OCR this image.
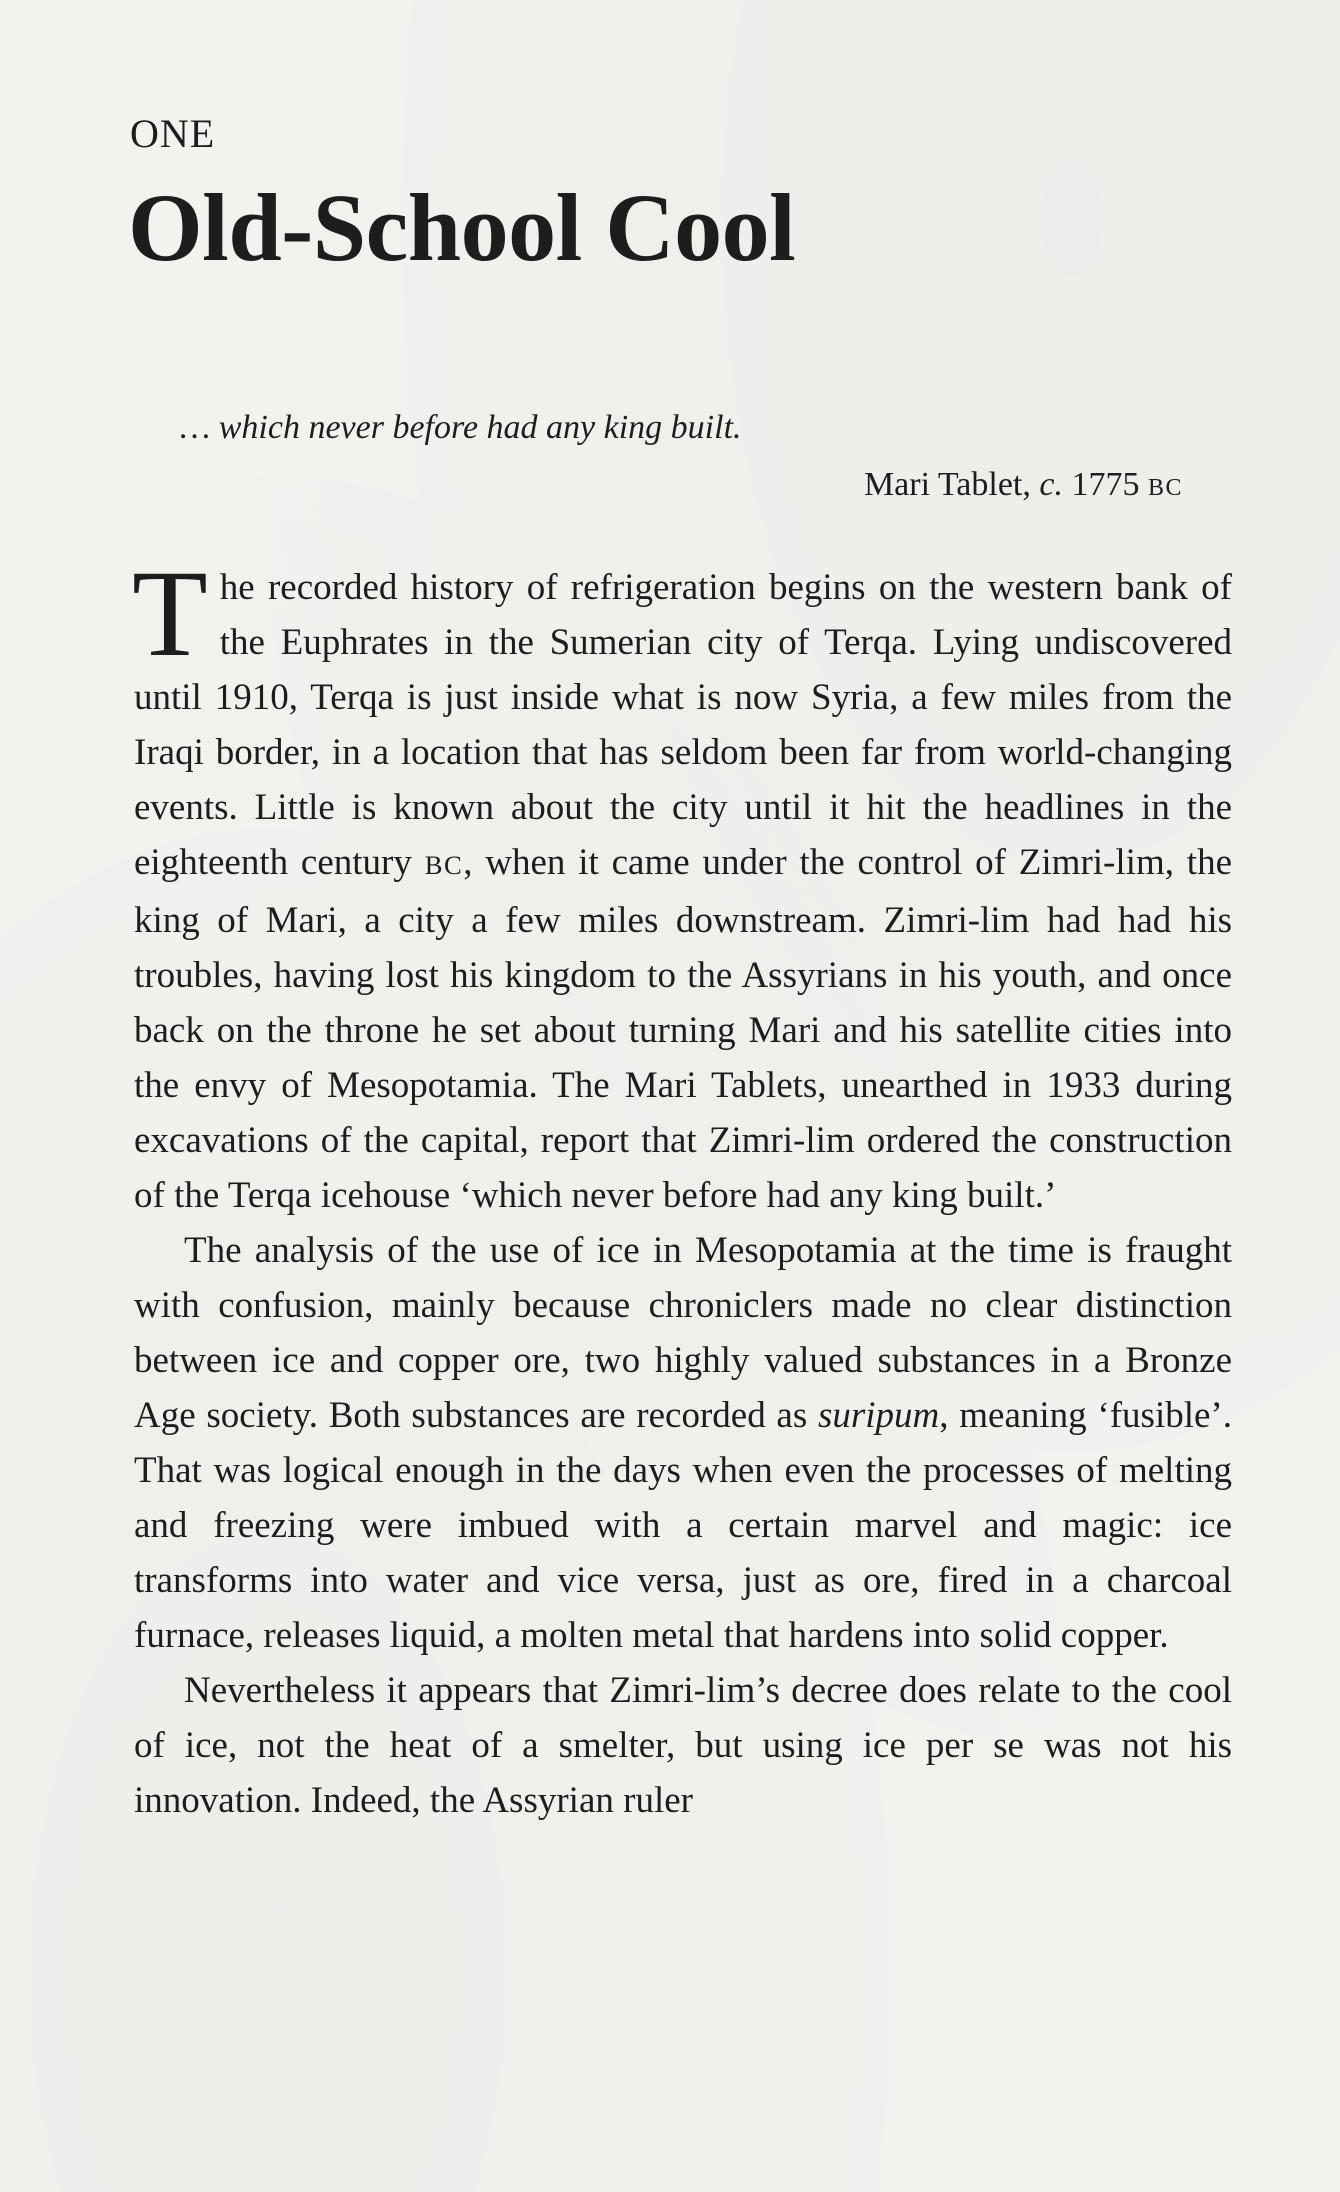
ONE
Old-School Cool

… which never before had any king built.

Mari Tablet, c. 1775 BC

The recorded history of refrigeration begins on the western bank of the Euphrates in the Sumerian city of Terqa. Lying undiscovered until 1910, Terqa is just inside what is now Syria, a few miles from the Iraqi border, in a location that has seldom been far from world-changing events. Little is known about the city until it hit the headlines in the eighteenth century BC, when it came under the control of Zimri-lim, the king of Mari, a city a few miles downstream. Zimri-lim had had his troubles, having lost his kingdom to the Assyrians in his youth, and once back on the throne he set about turning Mari and his satellite cities into the envy of Mesopotamia. The Mari Tablets, unearthed in 1933 during excavations of the capital, report that Zimri-lim ordered the construction of the Terqa icehouse ‘which never before had any king built.’

The analysis of the use of ice in Mesopotamia at the time is fraught with confusion, mainly because chroniclers made no clear distinction between ice and copper ore, two highly valued substances in a Bronze Age society. Both substances are recorded as suripum, meaning ‘fusible’. That was logical enough in the days when even the processes of melting and freezing were imbued with a certain marvel and magic: ice transforms into water and vice versa, just as ore, fired in a charcoal furnace, releases liquid, a molten metal that hardens into solid copper.

Nevertheless it appears that Zimri-lim’s decree does relate to the cool of ice, not the heat of a smelter, but using ice per se was not his innovation. Indeed, the Assyrian ruler
